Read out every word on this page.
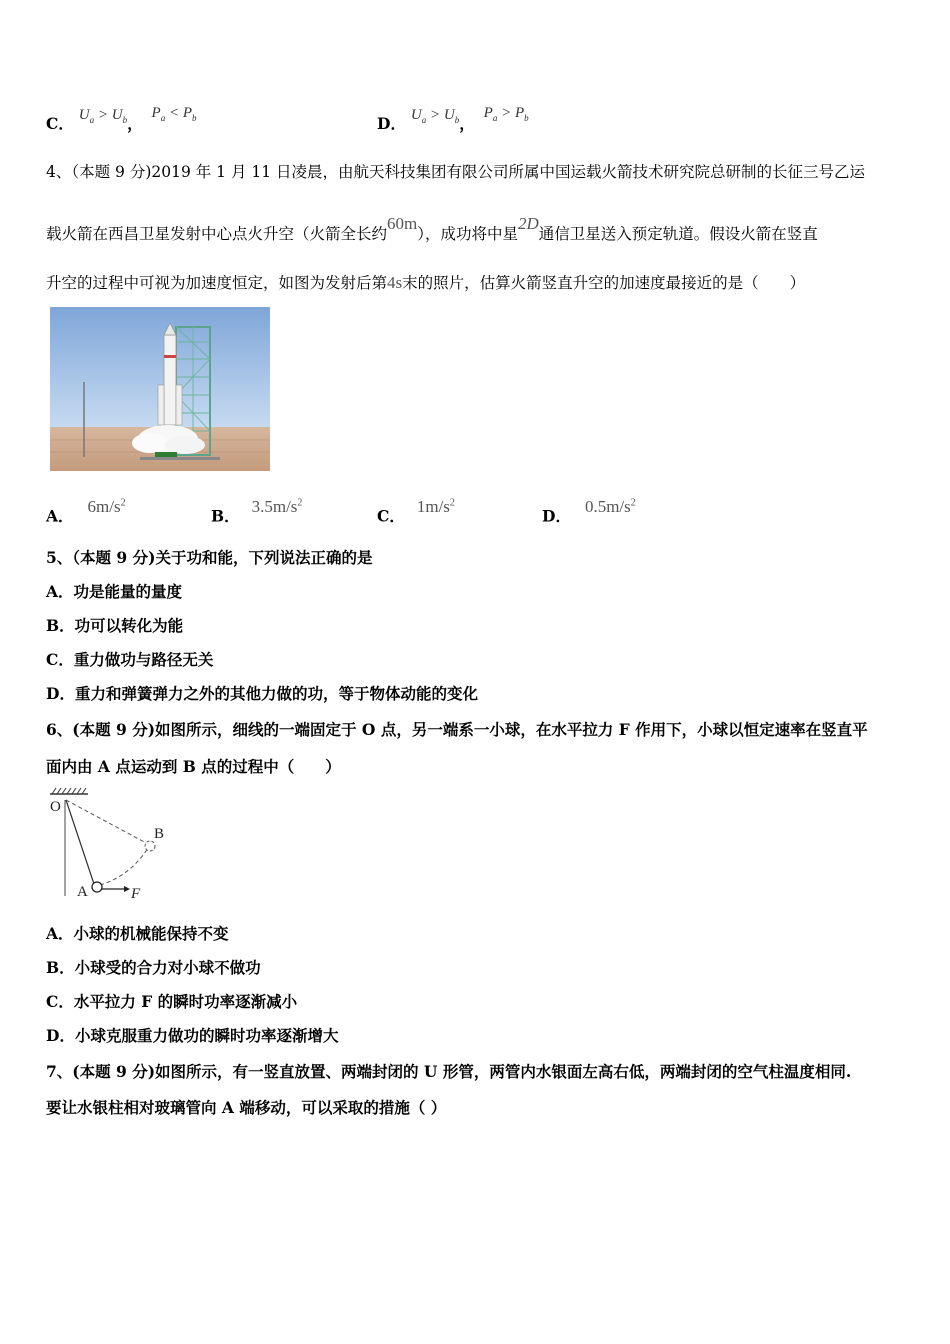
C． $U_a > U_b$， $P_a < P_b$	D． $U_a > U_b$， $P_a > P_b$
4、（本题 9 分)2019 年 1 月 11 日凌晨，由航天科技集团有限公司所属中国运载火箭技术研究院总研制的长征三号乙运
载火箭在西昌卫星发射中心点火升空（火箭全长约60m），成功将中星2D通信卫星送入预定轨道。假设火箭在竖直
升空的过程中可视为加速度恒定，如图为发射后第4s末的照片，估算火箭竖直升空的加速度最接近的是（　　）
A．$6m/s^2$
B．$3.5m/s^2$
C．$1m/s^2$
D．$0.5m/s^2$
5、（本题 9 分)关于功和能，下列说法正确的是
A．功是能量的量度
B．功可以转化为能
C．重力做功与路径无关
D．重力和弹簧弹力之外的其他力做的功，等于物体动能的变化
6、(本题 9 分)如图所示，细线的一端固定于 O 点，另一端系一小球，在水平拉力 F 作用下，小球以恒定速率在竖直平
面内由 A 点运动到 B 点的过程中（　　）
O
B
A	F
A．小球的机械能保持不变
B．小球受的合力对小球不做功
C．水平拉力 F 的瞬时功率逐渐减小
D．小球克服重力做功的瞬时功率逐渐增大
7、(本题 9 分)如图所示，有一竖直放置、两端封闭的 U 形管，两管内水银面左高右低，两端封闭的空气柱温度相同.
要让水银柱相对玻璃管向 A 端移动，可以采取的措施（ ）
